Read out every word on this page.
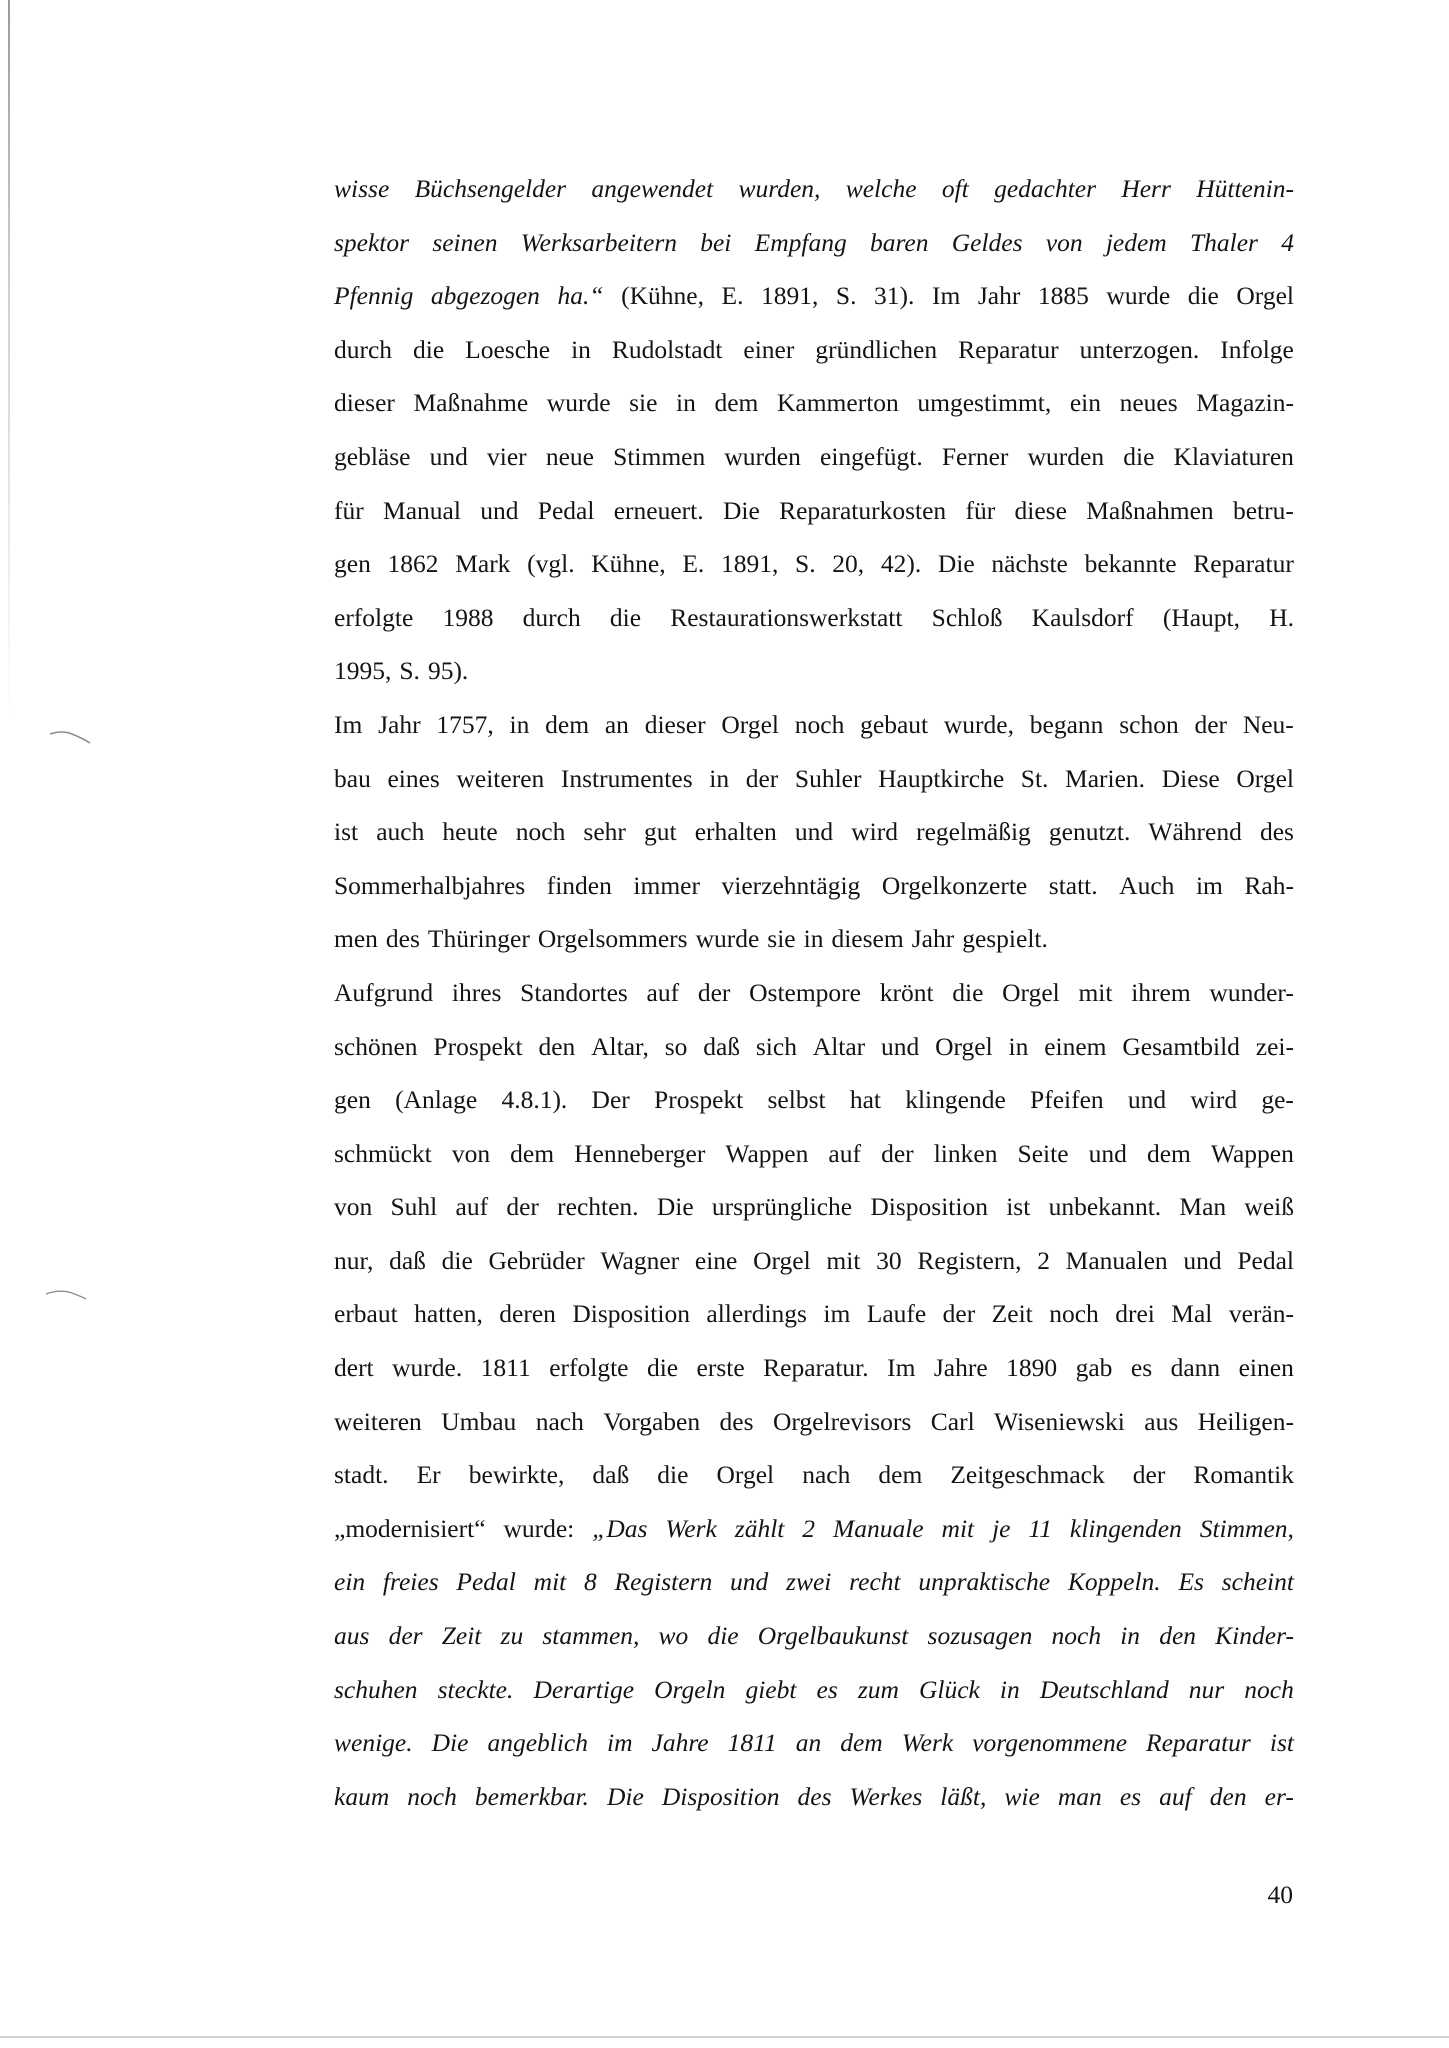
wisse Büchsengelder angewendet wurden, welche oft gedachter Herr Hüttenin-
spektor seinen Werksarbeitern bei Empfang baren Geldes von jedem Thaler 4
Pfennig abgezogen ha.“ (Kühne, E. 1891, S. 31). Im Jahr 1885 wurde die Orgel
durch die Loesche in Rudolstadt einer gründlichen Reparatur unterzogen. Infolge
dieser Maßnahme wurde sie in dem Kammerton umgestimmt, ein neues Magazin-
gebläse und vier neue Stimmen wurden eingefügt. Ferner wurden die Klaviaturen
für Manual und Pedal erneuert. Die Reparaturkosten für diese Maßnahmen betru-
gen 1862 Mark (vgl. Kühne, E. 1891, S. 20, 42). Die nächste bekannte Reparatur
erfolgte 1988 durch die Restaurationswerkstatt Schloß Kaulsdorf (Haupt, H.
1995, S. 95).
Im Jahr 1757, in dem an dieser Orgel noch gebaut wurde, begann schon der Neu-
bau eines weiteren Instrumentes in der Suhler Hauptkirche St. Marien. Diese Orgel
ist auch heute noch sehr gut erhalten und wird regelmäßig genutzt. Während des
Sommerhalbjahres finden immer vierzehntägig Orgelkonzerte statt. Auch im Rah-
men des Thüringer Orgelsommers wurde sie in diesem Jahr gespielt.
Aufgrund ihres Standortes auf der Ostempore krönt die Orgel mit ihrem wunder-
schönen Prospekt den Altar, so daß sich Altar und Orgel in einem Gesamtbild zei-
gen (Anlage 4.8.1). Der Prospekt selbst hat klingende Pfeifen und wird ge-
schmückt von dem Henneberger Wappen auf der linken Seite und dem Wappen
von Suhl auf der rechten. Die ursprüngliche Disposition ist unbekannt. Man weiß
nur, daß die Gebrüder Wagner eine Orgel mit 30 Registern, 2 Manualen und Pedal
erbaut hatten, deren Disposition allerdings im Laufe der Zeit noch drei Mal verän-
dert wurde. 1811 erfolgte die erste Reparatur. Im Jahre 1890 gab es dann einen
weiteren Umbau nach Vorgaben des Orgelrevisors Carl Wiseniewski aus Heiligen-
stadt. Er bewirkte, daß die Orgel nach dem Zeitgeschmack der Romantik
„modernisiert“ wurde: „Das Werk zählt 2 Manuale mit je 11 klingenden Stimmen,
ein freies Pedal mit 8 Registern und zwei recht unpraktische Koppeln. Es scheint
aus der Zeit zu stammen, wo die Orgelbaukunst sozusagen noch in den Kinder-
schuhen steckte. Derartige Orgeln giebt es zum Glück in Deutschland nur noch
wenige. Die angeblich im Jahre 1811 an dem Werk vorgenommene Reparatur ist
kaum noch bemerkbar. Die Disposition des Werkes läßt, wie man es auf den er-
40
